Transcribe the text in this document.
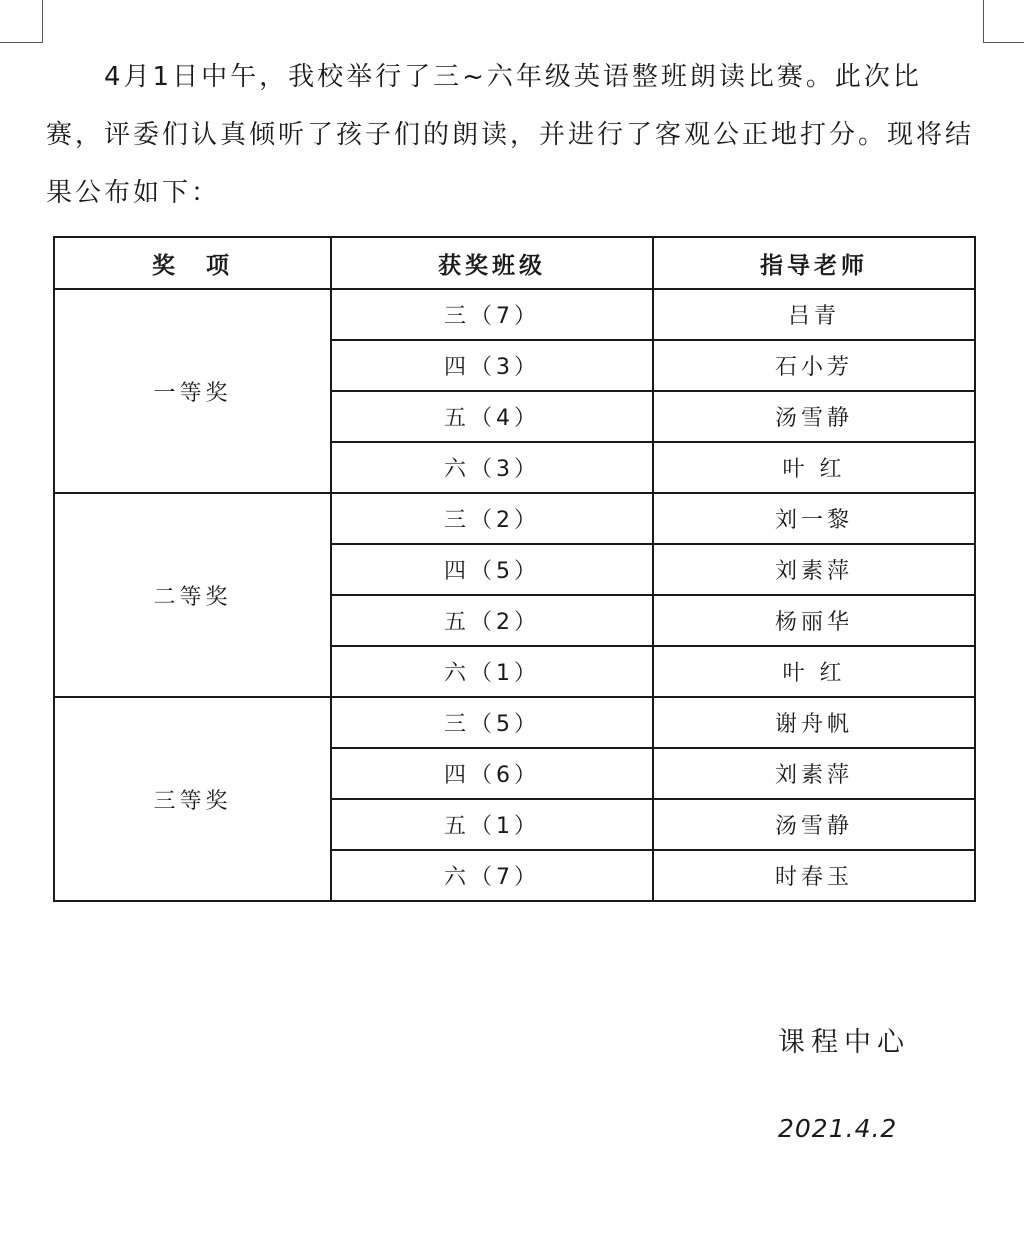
4月1日中午，我校举行了三~六年级英语整班朗读比赛。此次比赛，评委们认真倾听了孩子们的朗读，并进行了客观公正地打分。现将结果公布如下：

奖　项	获奖班级	指导老师
一等奖	三（7）	吕青
	四（3）	石小芳
	五（4）	汤雪静
	六（3）	叶 红
二等奖	三（2）	刘一黎
	四（5）	刘素萍
	五（2）	杨丽华
	六（1）	叶 红
三等奖	三（5）	谢舟帆
	四（6）	刘素萍
	五（1）	汤雪静
	六（7）	时春玉
课程中心
2021.4.2
